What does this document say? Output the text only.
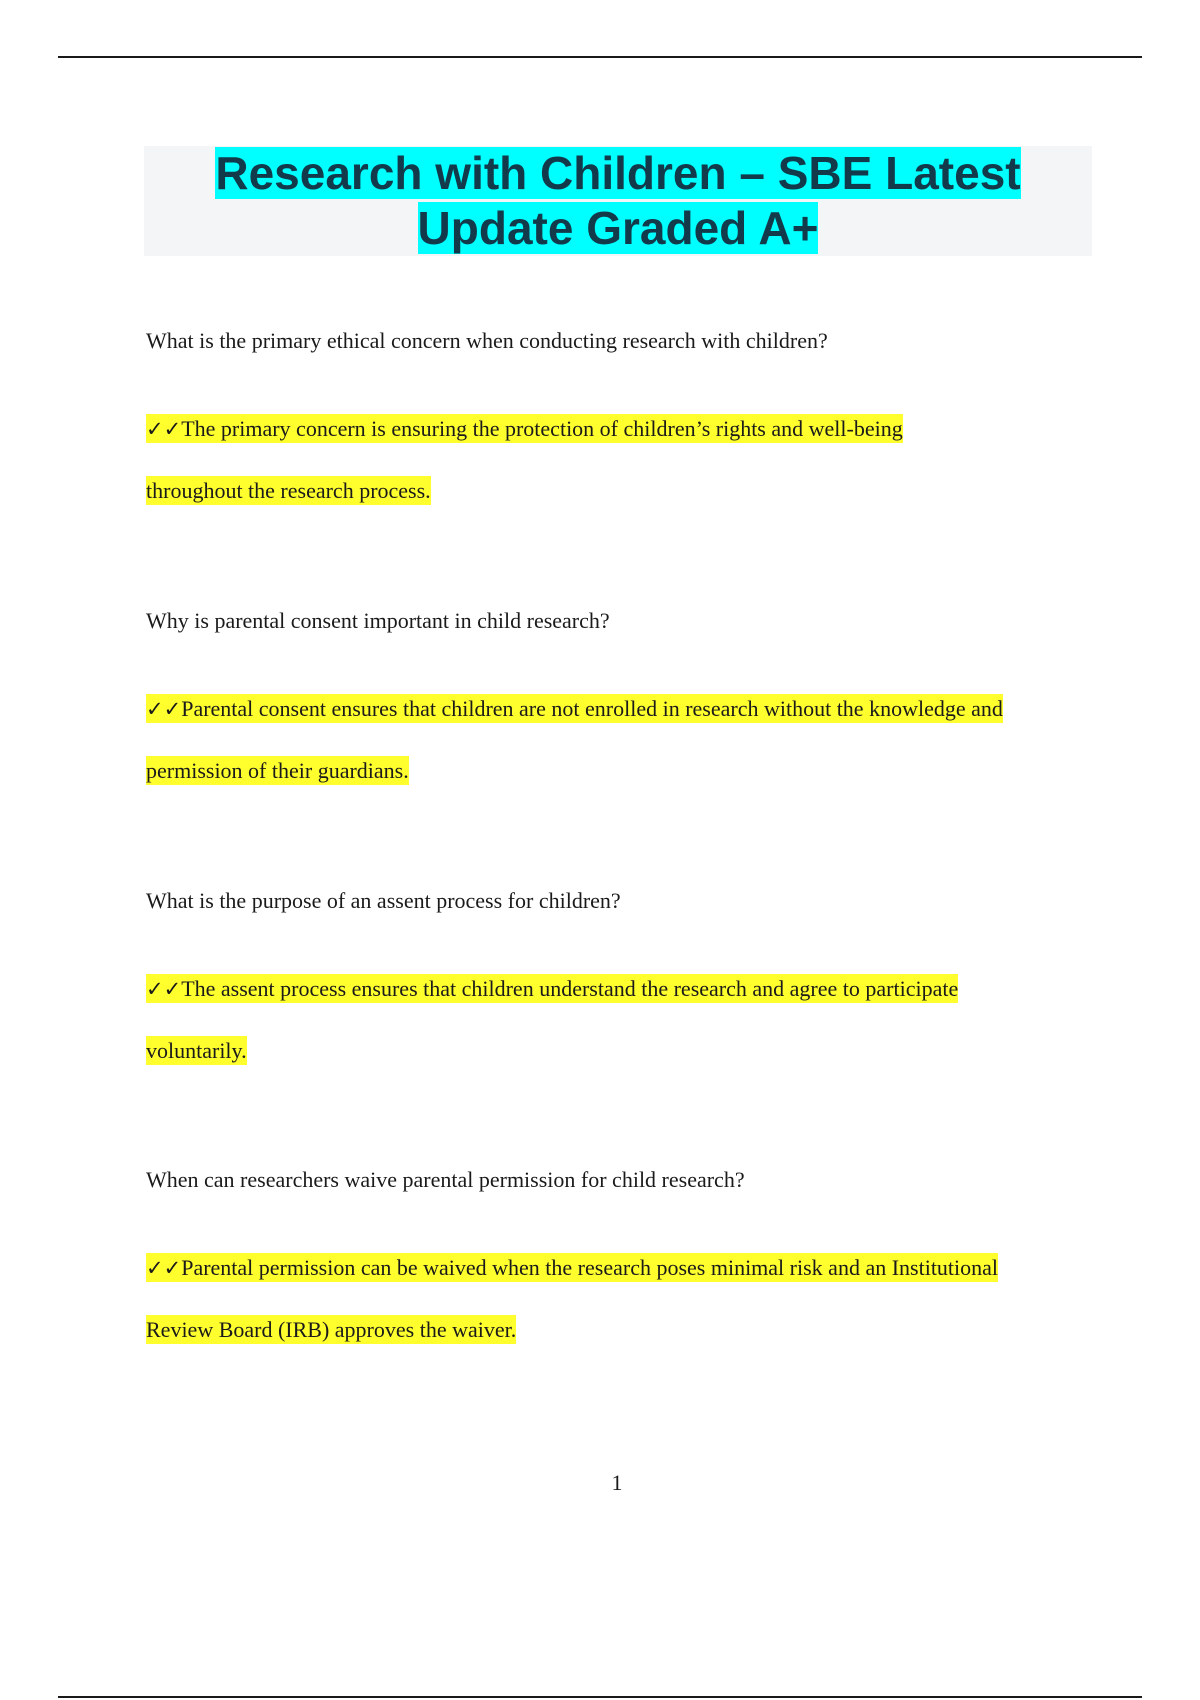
Research with Children – SBE Latest
Update Graded A+

What is the primary ethical concern when conducting research with children?

✓✓The primary concern is ensuring the protection of children’s rights and well-being
throughout the research process.

Why is parental consent important in child research?

✓✓Parental consent ensures that children are not enrolled in research without the knowledge and
permission of their guardians.

What is the purpose of an assent process for children?

✓✓The assent process ensures that children understand the research and agree to participate
voluntarily.

When can researchers waive parental permission for child research?

✓✓Parental permission can be waived when the research poses minimal risk and an Institutional
Review Board (IRB) approves the waiver.

1
